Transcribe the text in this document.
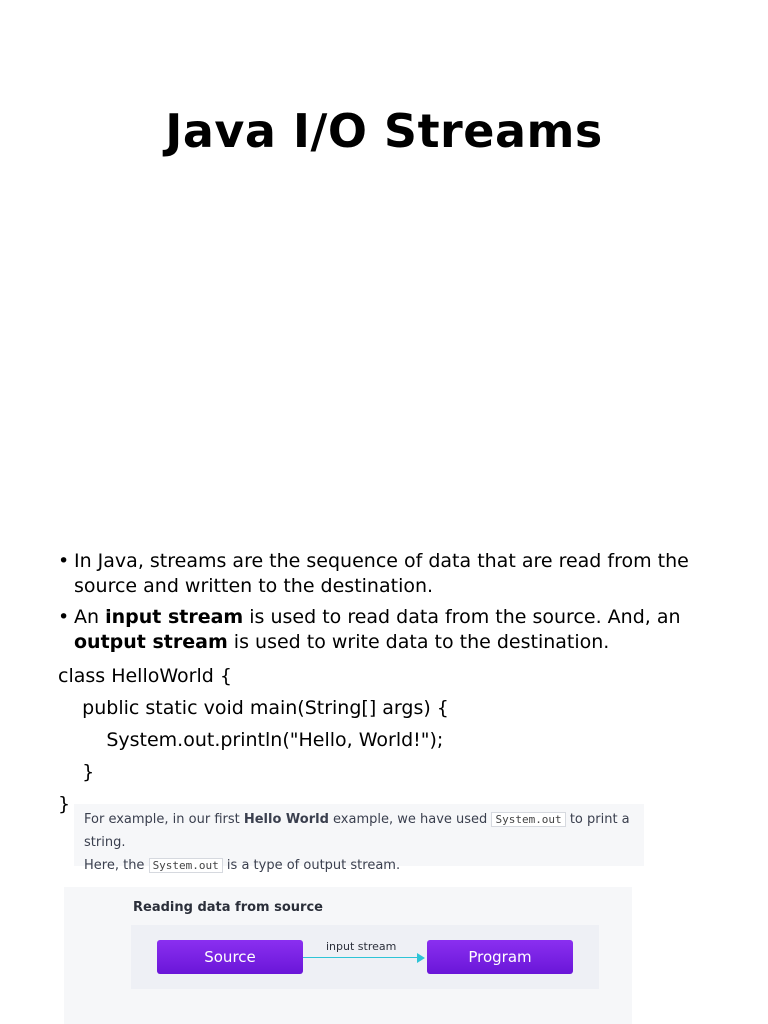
Java I/O Streams
• In Java, streams are the sequence of data that are read from the source and written to the destination.
• An input stream is used to read data from the source. And, an output stream is used to write data to the destination.
class HelloWorld {
public static void main(String[] args) {
System.out.println("Hello, World!");
}
}
For example, in our first Hello World example, we have used System.out to print a string.
Here, the System.out is a type of output stream.
Reading data from source
Source
input stream
Program
